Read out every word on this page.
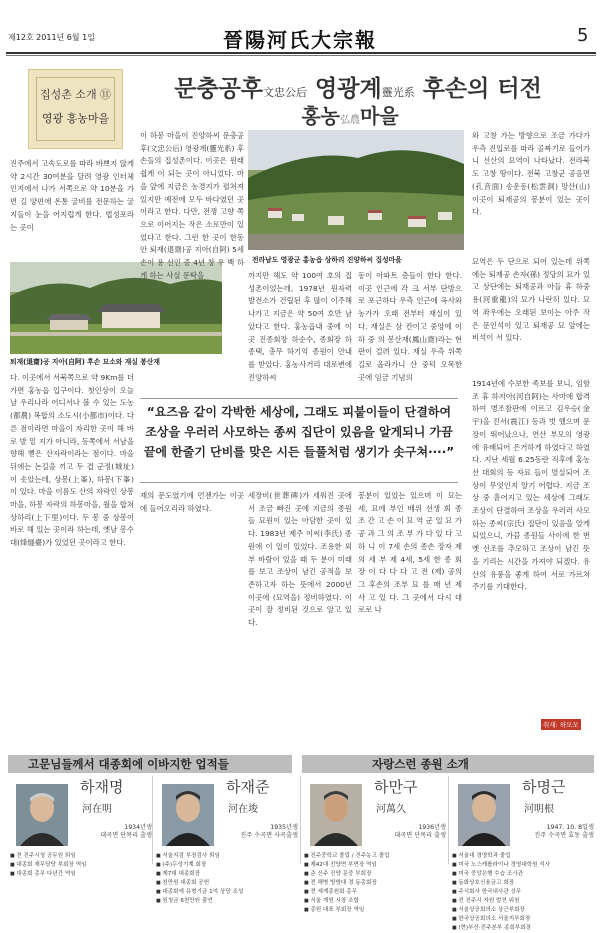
제12호 2011년 6월 1일	晉陽河氏大宗報	5
집성촌 소개 ⑪
영광 홍농마을
문충공후文忠公后 영광계靈光系 후손의 터전
홍농弘農마을
진주에서 고속도로를 따라 바쁘지 않게 약 2시간 30여분을 달려 영광 인터체인지에서 나가 서쪽으로 약 10분을 가면 길 양편에 온통 굴비를 전문하는 굴지들이 눈을 어지럽게 한다. 법성포라는 곳이
퇴재(退齋)공 지아(自阿) 후손 묘소와 재실 봉산재
다. 이곳에서 서북쪽으로 약 9Km를 더 가면 홍농읍 입구이다. 첫인상이 오늘날 우리나라 어디서나 볼 수 있는 도농(都農) 복합의 소도시(小都市)이다. 다른 점이라면 마을이 자리한 곳이 해 바로 발 밑 지가 아니라, 등쪽에서 서남을 향해 뻗은 산자락이라는 점이다. 마을 뒤에는 논길을 끼고 두 겹 군정(城址)이 솟았는데, 상봉(上峯), 하봉(下峯)이 있다. 마을 이름도 산의 자락인 상봉마을, 하봉 자락의 하봉마을, 월을 합쳐 상하리(上下里)이다. 두 봉 중 상봉이 바로 해 있는 곳이라 하는데, 옛날 봉수대(烽燧臺)가 있었던 곳이라고 한다.
이 하봉 마을이 진양하씨 문충공후(文忠公后) 영광계(靈光系) 후손들의 집성촌이다. 이곳은 원래 쉽게 이 되는 곳이 아니었다. 마을 앞에 지금은 농경지가 펼쳐져 있지만 예전에 모두 바다였던 곳이라고 한다. 다만, 전쟁 고향 쪽으로 이어지는 작은 소로만이 있었다고 한다. 그런 한 곳이 한동안 퇴재(退齋)공 지아(自阿) 5세손이 용 선인 증 4년 창 우 백 하게 하는 사실 문탁을
전라남도 영광군 홍농읍 상하리 진양하씨 집성마을
까지만 해도 약 100여 호의 집성촌이었는데, 1978년 원자력발전소가 건립된 후 많이 이주해 나가고 지금은 약 50여 호만 남았다고 한다. 홍농읍내 중에 이곳 진종회장 하순수, 종회장 하종택, 총무 하기억 종원이 안내를 받았다. 홍농사거리 대로변에 진양하씨
동이 아파트 층들이 한다 한다. 이곳 인근에 각 크 서부 단방으로 포근하다 우측 인근에 옥사와 농가가 오래 전부터 재실이 있다. 재실은 삼 칸이고 중앙에 이 하 중 의 봉산재(鳳山齋)라는 현판이 걸려 있다. 재실 우측 위쪽 길로 올라가니 산 중턱 오목한 곳에 임금 기념의
와 고창 가는 방향으로 조금 가다가 우측 진입로를 따라 골짜기로 들어가니 선산의 묘역이 나타났다. 전라북도 고창 땅이다. 전북 고창군 공음면(孔音面) 송운동(松雲洞) 망산(山) 이곳이 퇴재공의 봉분이 있는 곳이다.
묘역은 두 단으로 되어 있는데 위쪽에는 퇴재공 손자(孫) 정당의 묘가 있고 상단에는 퇴재공과 아들 휴 하중용(河重龍)의 묘가 나란히 있다. 묘역 좌우에는 오래된 보이는 아주 작은 문인석이 있고 퇴재공 묘 앞에는 비석이 서 있다.
1914년에 수보한 족보를 보니, 임함조 휴 하지아(河自阿)는 사마에 합격하여 병조참판에 이르고 김우승(金宇)을 진서(震江) 등과 벗 했으며 문장이 뛰어났으나, 연산 부모의 영광에 유배되어 은거하게 하였다고 하였다. 지난 세월 6.25동란 직후에 홍농 선 대회의 등 자료 들이 멸실되어 조상이 무엇인지 알기 어렵다. 지금 조상 중 흩어지고 있는 세상에 그래도 조상이 단결하여 조상을 우러러 사모하는 종씨(宗氏) 집단이 있음을 알게 되었으니, 가끔 종원들 사이에 한 번 옛 선조를 추모하고 조상이 남긴 뜻을 기리는 시간을 가져야 되겠다. 유산의 유풍을 좋게 하여 서로 가르쳐 주기를 기대한다.
취재: 하모모
“요즈음 같이 각박한 세상에, 그래도 피붙이들이 단결하여 조상을 우러러 사모하는 종씨 집단이 있음을 알게되니 가끔 끝에 한줄기 단비를 맞은 시든 들풀처럼 생기가 솟구쳐····”
재의 문도였기에 언젠가는 이곳에 들어오리라 하였다.
세장비(世葬碑)가 세워진 곳에서 조금 빠진 곳에 지금의 종원들 묘원이 있는 아담한 곳이 있다. 1983년 제주 이씨(李氏) 종원에 이 일이 있었다. 조용한 외부 바람이 있을 때 두 분이 미래를 보고 조상이 남긴 공적을 보존하고자 하는 뜻에서 2000년 이곳에 (묘역을) 정비하였다. 이곳이 잘 정비된 것으로 알고 있다.
봉분이 있었는 있으며 이 묘는 세, 묘에 부인 배위 선생 회 종 조 간 고 손 이 묘 역 군 일 묘 가 공 과 그 의 조 부 가 다 있 다 고 하 니 이 7세 손의 종손 장자 제 의 세 부 제 4세, 5세 한 종 회 장 이 다 다 다 고 전 (제) 공의 그 후손의 조부 묘 를 매 년 제 사 고 있 다. 그 곳에서 다시 대로로 나
고문님들께서 대종회에 이바지한 업적들	자랑스런 종원 소개
하재명
河在明
1934년생
대곡면 단목리 출생
■ 전 진주시청 공무원 퇴임
■ 대종회 재무담당 부회장 역임
■ 대종회 총무 다년간 역임
하재준
河在埈
1935년생
진주 수곡면 사곡출생
■ 서울지검 부장검사 퇴임
■ (주)두성기계 회장
■ 제7대 대종회장
■ 천만원 대종회 공헌
■ 대종회에 유형기금 1억 상당 조성
■ 원청금 6천만원 출연
하만구
河萬久
1936년생
대곡면 단목리 출생
■ 진주중학교 졸업 / 진주농고 졸업
■ 제42대 진양면 부면장 역임
■ 준 신주 진양 문중 부회장
■ 전 해병 방방대 경 동총회장
■ 전 세계종원회 총무
■ 서울 계원 시장 조합
■ 종원 대표 부회장 역임
하명근
河明根
1947. 10. 8일생
진주 수곡면 효동 출생
■ 서울대 경영학과 졸업
■ 미국 노스캐롤라이나 경영대학원 석사
■ 미국 중앙은행 수습 조사관
■ 동화상호신용금고 회장
■ 주식회사 한국내사관 상무
■ 전 진주시 자원 발전 위원
■ 서울상공회의소 상근부회장
■ 한국상공회의소 서울지부회장
■ (현)부산·진주본부 종회부회장
